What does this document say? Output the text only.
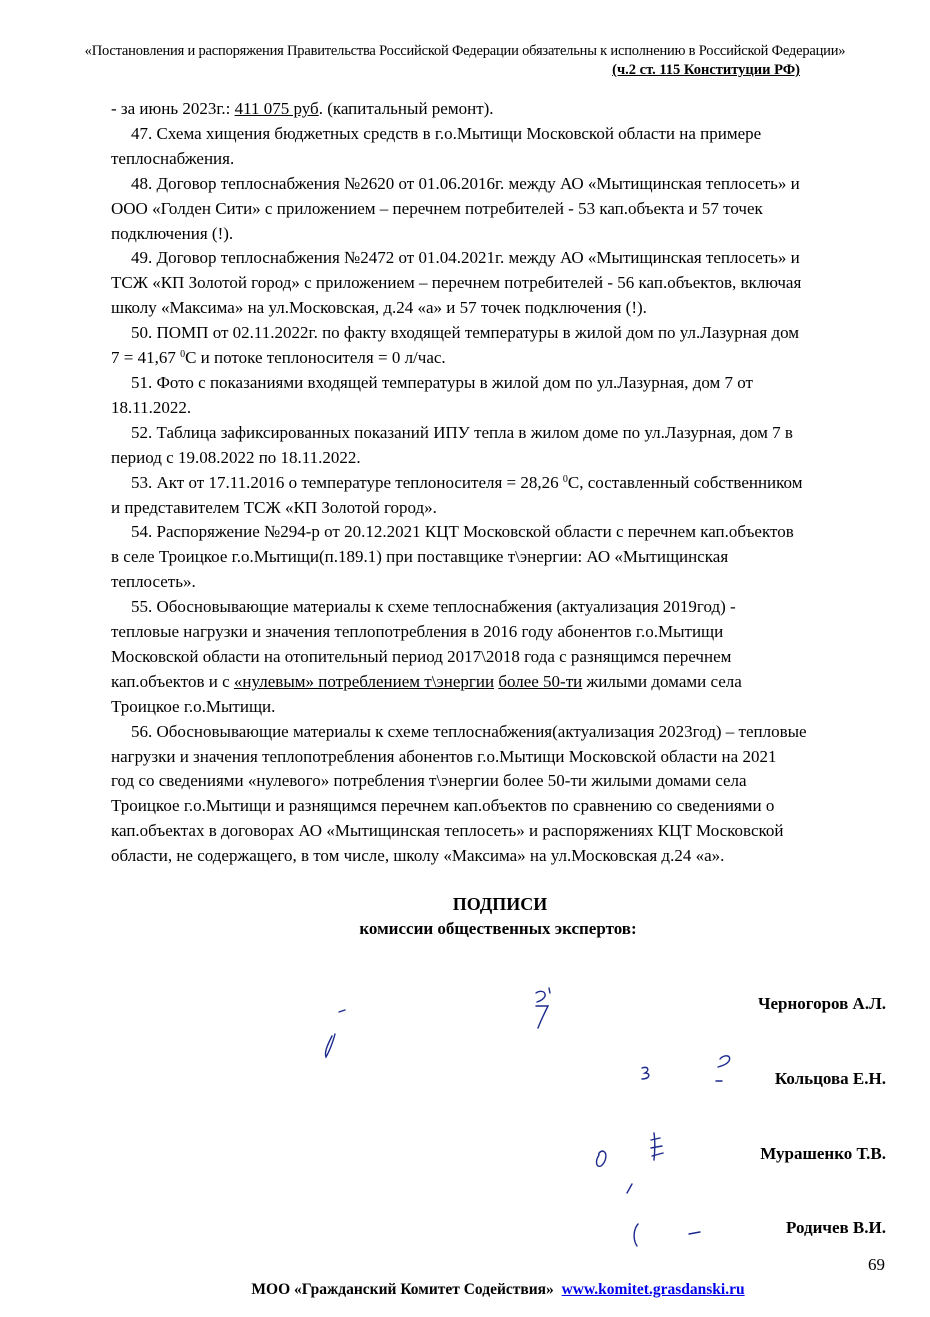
«Постановления и распоряжения Правительства Российской Федерации обязательны к исполнению в Российской Федерации»
(ч.2 ст. 115 Конституции РФ)
- за июнь 2023г.: 411 075 руб. (капитальный ремонт).
47. Схема хищения бюджетных средств в г.о.Мытищи Московской области на примере
теплоснабжения.
48. Договор теплоснабжения №2620 от 01.06.2016г. между АО «Мытищинская теплосеть» и
ООО «Голден Сити» с приложением – перечнем потребителей - 53 кап.объекта и 57 точек
подключения (!).
49. Договор теплоснабжения №2472 от 01.04.2021г. между АО «Мытищинская теплосеть» и
ТСЖ «КП Золотой город» с приложением – перечнем потребителей - 56 кап.объектов, включая
школу «Максима» на ул.Московская, д.24 «а» и 57 точек подключения (!).
50. ПОМП от 02.11.2022г. по факту входящей температуры в жилой дом по ул.Лазурная дом
7 = 41,67 $^0$С и потоке теплоносителя = 0 л/час.
51. Фото с показаниями входящей температуры в жилой дом по ул.Лазурная, дом 7 от
18.11.2022.
52. Таблица зафиксированных показаний ИПУ тепла в жилом доме по ул.Лазурная, дом 7 в
период с 19.08.2022 по 18.11.2022.
53. Акт от 17.11.2016 о температуре теплоносителя = 28,26 $^0$С, составленный собственником
и представителем ТСЖ «КП Золотой город».
54. Распоряжение №294-р от 20.12.2021 КЦТ Московской области с перечнем кап.объектов
в селе Троицкое г.о.Мытищи(п.189.1) при поставщике т\энергии: АО «Мытищинская
теплосеть».
55. Обосновывающие материалы к схеме теплоснабжения (актуализация 2019год) -
тепловые нагрузки и значения теплопотребления в 2016 году абонентов г.о.Мытищи
Московской области на отопительный период 2017\2018 года с разнящимся перечнем
кап.объектов и с «нулевым» потреблением т\энергии более 50-ти жилыми домами села
Троицкое г.о.Мытищи.
56. Обосновывающие материалы к схеме теплоснабжения(актуализация 2023год) – тепловые
нагрузки и значения теплопотребления абонентов г.о.Мытищи Московской области на 2021
год со сведениями «нулевого» потребления т\энергии более 50-ти жилыми домами села
Троицкое г.о.Мытищи и разнящимся перечнем кап.объектов по сравнению со сведениями о
кап.объектах в договорах АО «Мытищинская теплосеть» и распоряжениях КЦТ Московской
области, не содержащего, в том числе, школу «Максима» на ул.Московская д.24 «а».
ПОДПИСИ
комиссии общественных экспертов:
Черногоров А.Л.
Кольцова Е.Н.
Мурашенко Т.В.
Родичев В.И.
69
МОО «Гражданский Комитет Содействия» www.komitet.grasdanski.ru
